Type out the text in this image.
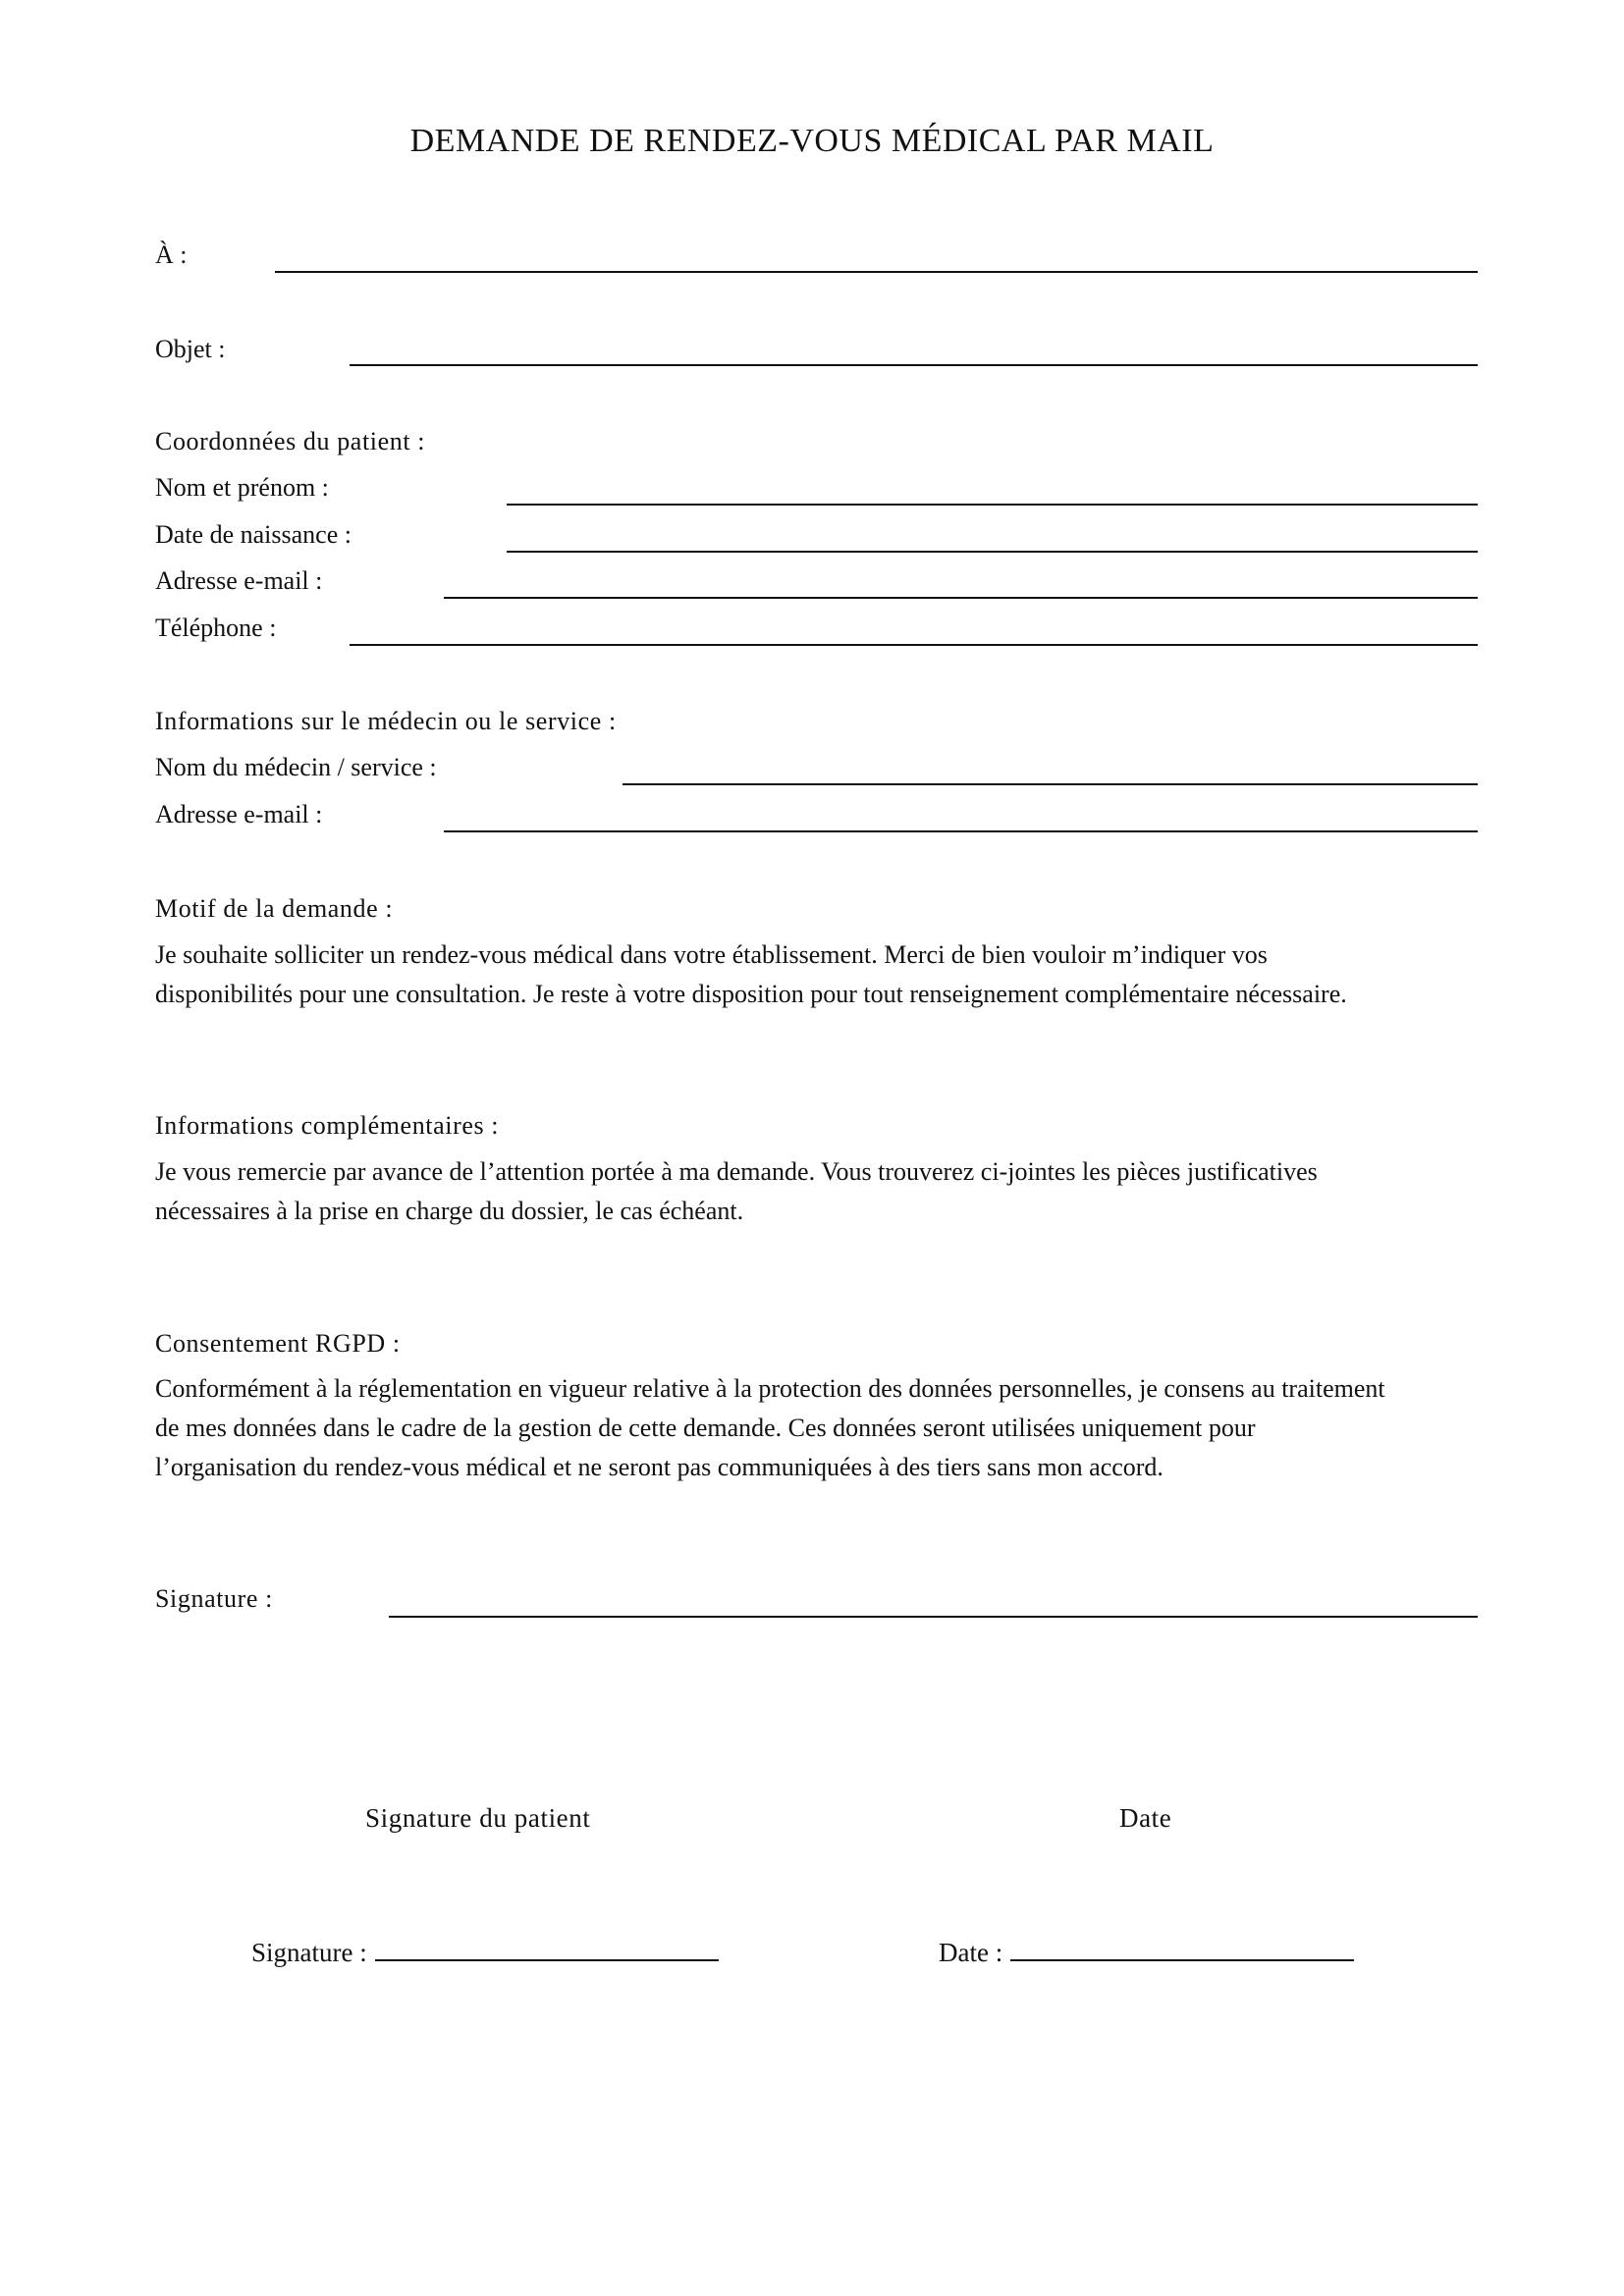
DEMANDE DE RENDEZ-VOUS MÉDICAL PAR MAIL
À :
Objet :
Coordonnées du patient :
Nom et prénom :
Date de naissance :
Adresse e-mail :
Téléphone :
Informations sur le médecin ou le service :
Nom du médecin / service :
Adresse e-mail :
Motif de la demande :
Je souhaite solliciter un rendez-vous médical dans votre établissement. Merci de bien vouloir m’indiquer vos
disponibilités pour une consultation. Je reste à votre disposition pour tout renseignement complémentaire nécessaire.
Informations complémentaires :
Je vous remercie par avance de l’attention portée à ma demande. Vous trouverez ci-jointes les pièces justificatives
nécessaires à la prise en charge du dossier, le cas échéant.
Consentement RGPD :
Conformément à la réglementation en vigueur relative à la protection des données personnelles, je consens au traitement
de mes données dans le cadre de la gestion de cette demande. Ces données seront utilisées uniquement pour
l’organisation du rendez-vous médical et ne seront pas communiquées à des tiers sans mon accord.
Signature :
Signature du patient	Date
Signature :	Date :
